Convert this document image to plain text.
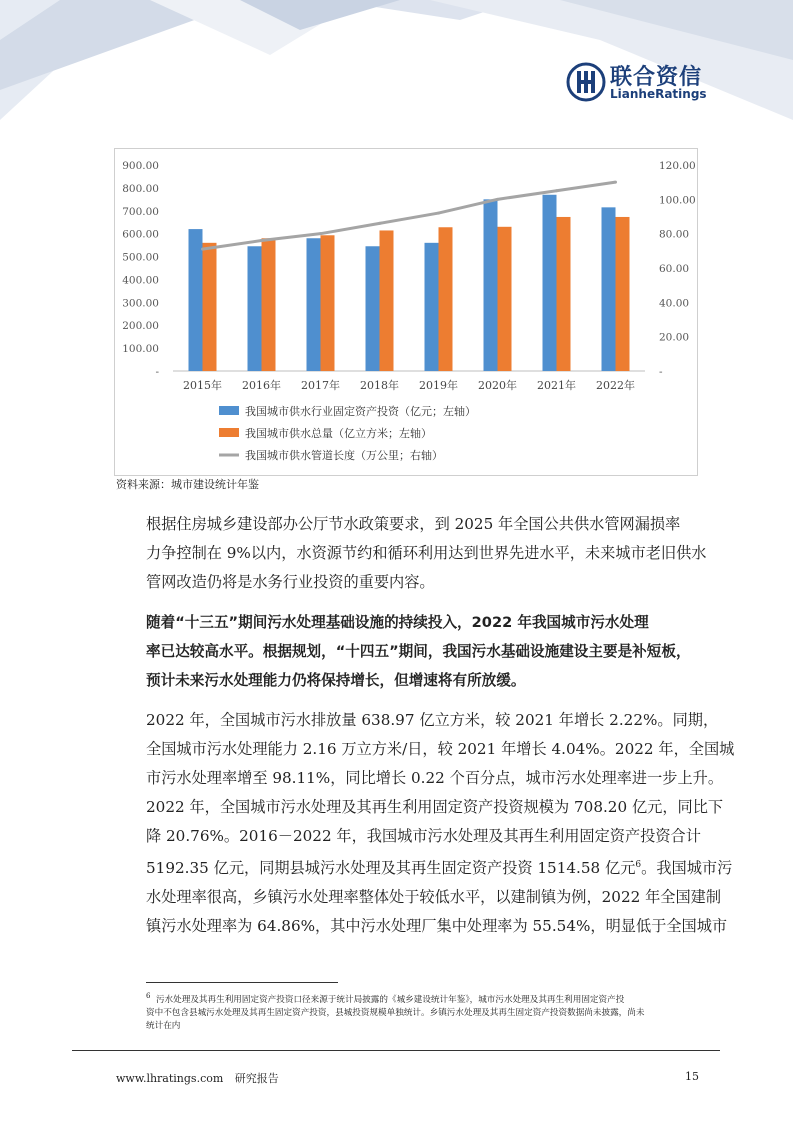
联合资信
LianheRatings
-
100.00
200.00
300.00
400.00
500.00
600.00
700.00
800.00
900.00
-
20.00
40.00
60.00
80.00
100.00
120.00
2015年 2016年 2017年 2018年 2019年 2020年 2021年 2022年
我国城市供水行业固定资产投资（亿元；左轴）
我国城市供水总量（亿立方米；左轴）
我国城市供水管道长度（万公里；右轴）
资料来源：城市建设统计年鉴

根据住房城乡建设部办公厅节水政策要求，到 2025 年全国公共供水管网漏损率
力争控制在 9%以内，水资源节约和循环利用达到世界先进水平，未来城市老旧供水
管网改造仍将是水务行业投资的重要内容。

随着“十三五”期间污水处理基础设施的持续投入，2022 年我国城市污水处理
率已达较高水平。根据规划，“十四五”期间，我国污水基础设施建设主要是补短板，
预计未来污水处理能力仍将保持增长，但增速将有所放缓。

2022 年，全国城市污水排放量 638.97 亿立方米，较 2021 年增长 2.22%。同期，
全国城市污水处理能力 2.16 万立方米/日，较 2021 年增长 4.04%。2022 年，全国城
市污水处理率增至 98.11%，同比增长 0.22 个百分点，城市污水处理率进一步上升。
2022 年，全国城市污水处理及其再生利用固定资产投资规模为 708.20 亿元，同比下
降 20.76%。2016－2022 年，我国城市污水处理及其再生利用固定资产投资合计
5192.35 亿元，同期县城污水处理及其再生固定资产投资 1514.58 亿元$^6$。我国城市污
水处理率很高，乡镇污水处理率整体处于较低水平，以建制镇为例，2022 年全国建制
镇污水处理率为 64.86%，其中污水处理厂集中处理率为 55.54%，明显低于全国城市

$^6$ 污水处理及其再生利用固定资产投资口径来源于统计局披露的《城乡建设统计年鉴》，城市污水处理及其再生利用固定资产投
资中不包含县城污水处理及其再生固定资产投资，县城投资规模单独统计。乡镇污水处理及其再生固定资产投资数据尚未披露，尚未
统计在内
www.lhratings.com 研究报告	15
